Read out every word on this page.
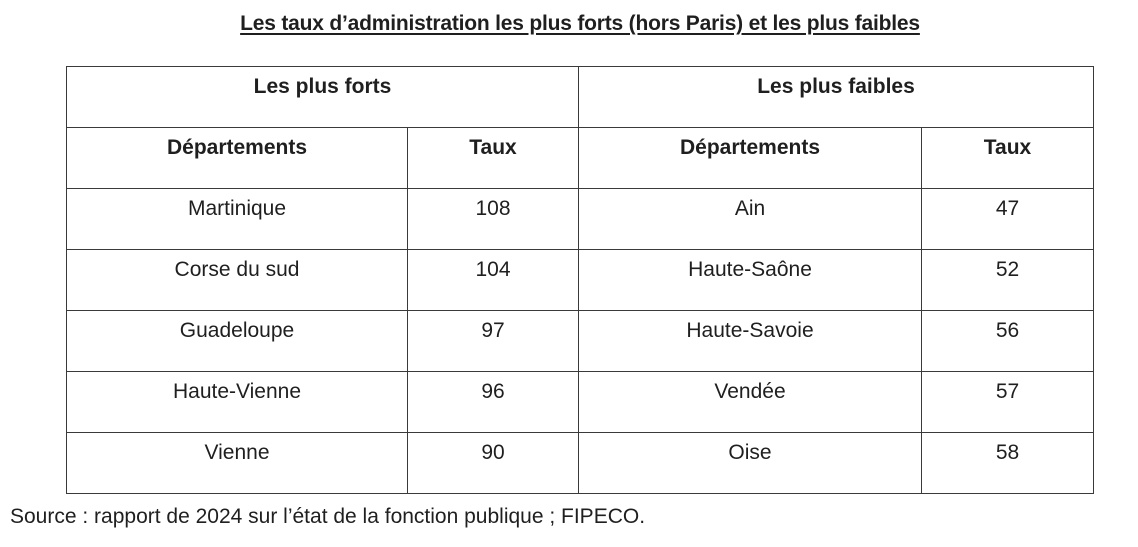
Les taux d’administration les plus forts (hors Paris) et les plus faibles
Les plus forts		Les plus faibles	

Départements	Taux	Départements	Taux

Martinique	108	Ain	47

Corse du sud	104	Haute-Saône	52

Guadeloupe	97	Haute-Savoie	56

Haute-Vienne	96	Vendée	57

Vienne	90	Oise	58
Source : rapport de 2024 sur l’état de la fonction publique ; FIPECO.
